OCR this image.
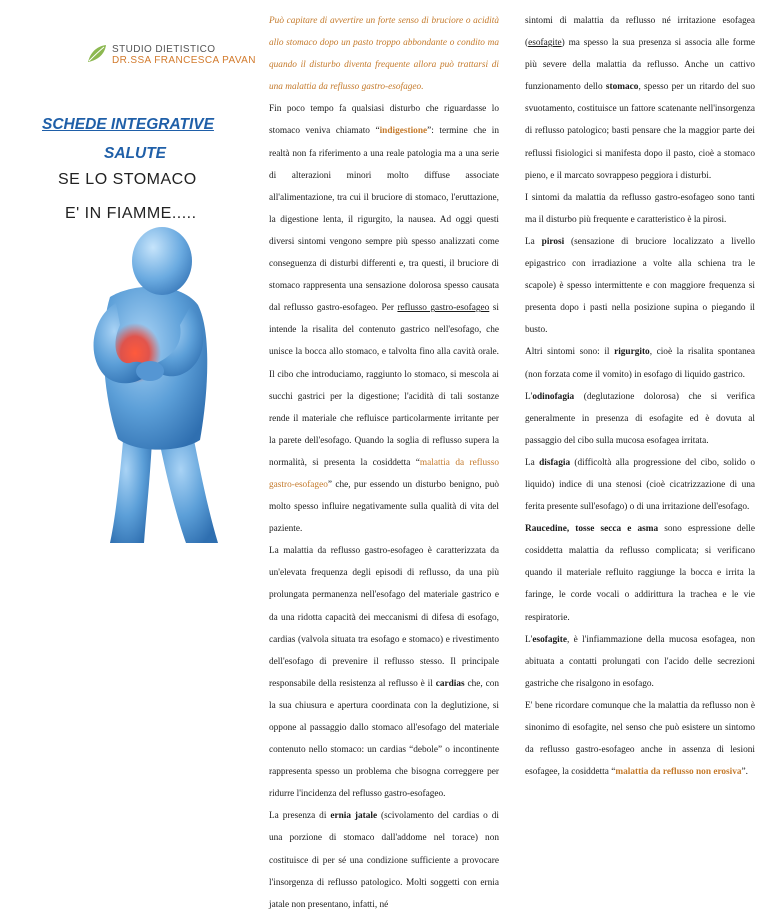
STUDIO DIETISTICO
DR.SSA FRANCESCA PAVAN
SCHEDE INTEGRATIVE
SALUTE
SE LO STOMACO
E' IN FIAMME.....

Può capitare di avvertire un forte senso di bruciore o acidità allo stomaco dopo un pasto troppo abbondante o condito ma quando il disturbo diventa frequente allora può trattarsi di una malattia da reflusso gastro-esofageo.

Fin poco tempo fa qualsiasi disturbo che riguardasse lo stomaco veniva chiamato “indigestione”: termine che in realtà non fa riferimento a una reale patologia ma a una serie di alterazioni minori molto diffuse associate all'alimentazione, tra cui il bruciore di stomaco, l'eruttazione, la digestione lenta, il rigurgito, la nausea. Ad oggi questi diversi sintomi vengono sempre più spesso analizzati come conseguenza di disturbi differenti e, tra questi, il bruciore di stomaco rappresenta una sensazione dolorosa spesso causata dal reflusso gastro-esofageo. Per reflusso gastro-esofageo si intende la risalita del contenuto gastrico nell'esofago, che unisce la bocca allo stomaco, e talvolta fino alla cavità orale. Il cibo che introduciamo, raggiunto lo stomaco, si mescola ai succhi gastrici per la digestione; l'acidità di tali sostanze rende il materiale che refluisce particolarmente irritante per la parete dell'esofago. Quando la soglia di reflusso supera la normalità, si presenta la cosiddetta “malattia da reflusso gastro-esofageo” che, pur essendo un disturbo benigno, può molto spesso influire negativamente sulla qualità di vita del paziente.

La malattia da reflusso gastro-esofageo è caratterizzata da un'elevata frequenza degli episodi di reflusso, da una più prolungata permanenza nell'esofago del materiale gastrico e da una ridotta capacità dei meccanismi di difesa di esofago, cardias (valvola situata tra esofago e stomaco) e rivestimento dell'esofago di prevenire il reflusso stesso. Il principale responsabile della resistenza al reflusso è il cardias che, con la sua chiusura e apertura coordinata con la deglutizione, si oppone al passaggio dallo stomaco all'esofago del materiale contenuto nello stomaco: un cardias “debole” o incontinente rappresenta spesso un problema che bisogna correggere per ridurre l'incidenza del reflusso gastro-esofageo.

La presenza di ernia jatale (scivolamento del cardias o di una porzione di stomaco dall'addome nel torace) non costituisce di per sé una condizione sufficiente a provocare l'insorgenza di reflusso patologico. Molti soggetti con ernia jatale non presentano, infatti, né

sintomi di malattia da reflusso né irritazione esofagea (esofagite) ma spesso la sua presenza si associa alle forme più severe della malattia da reflusso. Anche un cattivo funzionamento dello stomaco, spesso per un ritardo del suo svuotamento, costituisce un fattore scatenante nell'insorgenza di reflusso patologico; basti pensare che la maggior parte dei reflussi fisiologici si manifesta dopo il pasto, cioè a stomaco pieno, e il marcato sovrappeso peggiora i disturbi.

I sintomi da malattia da reflusso gastro-esofageo sono tanti ma il disturbo più frequente e caratteristico è la pirosi.

La pirosi (sensazione di bruciore localizzato a livello epigastrico con irradiazione a volte alla schiena tra le scapole) è spesso intermittente e con maggiore frequenza si presenta dopo i pasti nella posizione supina o piegando il busto.

Altri sintomi sono: il rigurgito, cioè la risalita spontanea (non forzata come il vomito) in esofago di liquido gastrico.

L'odinofagia (deglutazione dolorosa) che si verifica generalmente in presenza di esofagite ed è dovuta al passaggio del cibo sulla mucosa esofagea irritata.

La disfagia (difficoltà alla progressione del cibo, solido o liquido) indice di una stenosi (cioè cicatrizzazione di una ferita presente sull'esofago) o di una irritazione dell'esofago.

Raucedine, tosse secca e asma sono espressione delle cosiddetta malattia da reflusso complicata; si verificano quando il materiale refluito raggiunge la bocca e irrita la faringe, le corde vocali o addirittura la trachea e le vie respiratorie.

L'esofagite, è l'infiammazione della mucosa esofagea, non abituata a contatti prolungati con l'acido delle secrezioni gastriche che risalgono in esofago.

E' bene ricordare comunque che la malattia da reflusso non è sinonimo di esofagite, nel senso che può esistere un sintomo da reflusso gastro-esofageo anche in assenza di lesioni esofagee, la cosiddetta “malattia da reflusso non erosiva”.
